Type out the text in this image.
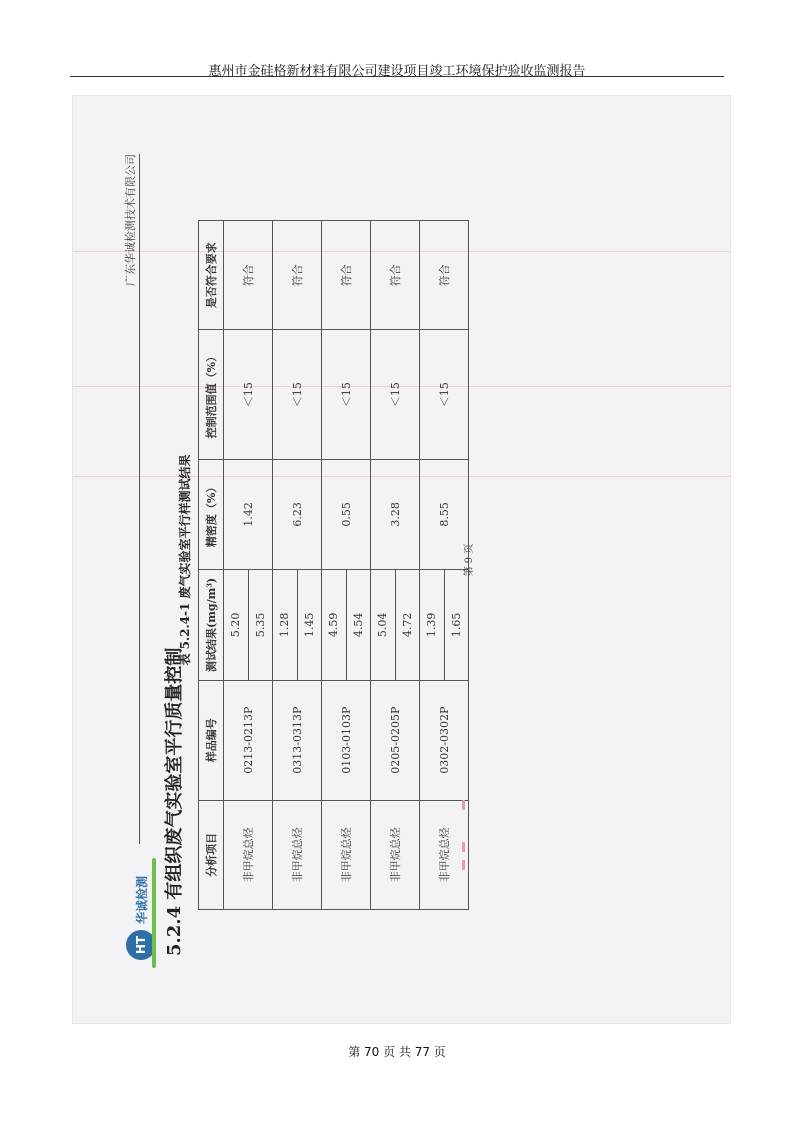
惠州市金硅格新材料有限公司建设项目竣工环境保护验收监测报告
HT
华诚检测
广东华诚检测技术有限公司
5.2.4 有组织废气实验室平行质量控制
表 5.2.4-1 废气实验室平行样测试结果
分析项目	样品编号	测试结果(mg/m³)	精密度（%）	控制范围值（%）	是否符合要求
非甲烷总烃	0213-0213P	5.20	1.42	＜15	符合
		5.35			
非甲烷总烃	0313-0313P	1.28	6.23	＜15	符合
		1.45			
非甲烷总烃	0103-0103P	4.59	0.55	＜15	符合
		4.54			
非甲烷总烃	0205-0205P	5.04	3.28	＜15	符合
		4.72			
非甲烷总烃	0302-0302P	1.39	8.55	＜15	符合
		1.65			
第 9 页
第 70 页 共 77 页
